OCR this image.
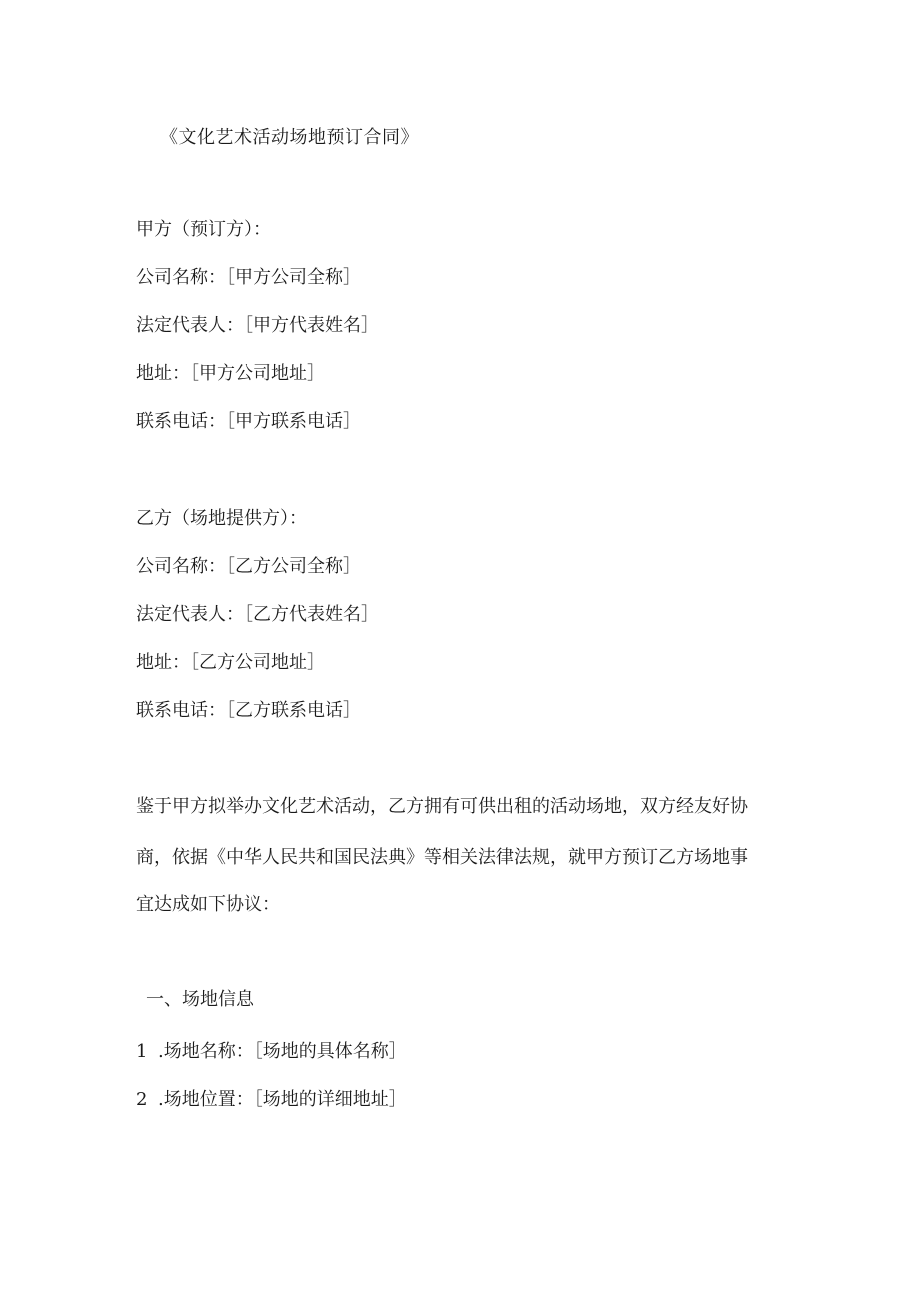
《文化艺术活动场地预订合同》

甲方（预订方）：

公司名称：［甲方公司全称］

法定代表人：［甲方代表姓名］

地址：［甲方公司地址］

联系电话：［甲方联系电话］

乙方（场地提供方）：

公司名称：［乙方公司全称］

法定代表人：［乙方代表姓名］

地址：［乙方公司地址］

联系电话：［乙方联系电话］

鉴于甲方拟举办文化艺术活动，乙方拥有可供出租的活动场地，双方经友好协

商，依据《中华人民共和国民法典》等相关法律法规，就甲方预订乙方场地事

宜达成如下协议：

一、场地信息

1 .场地名称：［场地的具体名称］

2 .场地位置：［场地的详细地址］
